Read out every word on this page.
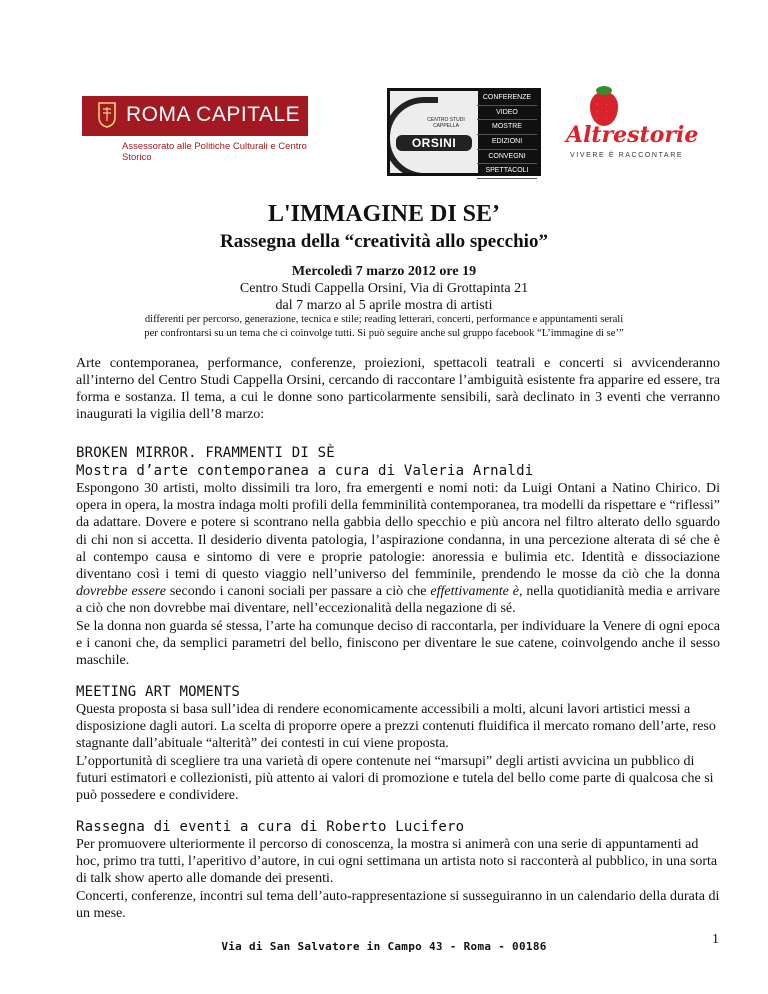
ROMA CAPITALE
Assessorato alle Politiche Culturali e Centro Storico
CENTRO STUDI CAPPELLA
ORSINI
CONFERENZE
VIDEO
MOSTRE
EDIZIONI
CONVEGNI
SPETTACOLI
· · · · · ·
Altrestorie
VIVERE È RACCONTARE
L'IMMAGINE DI SE’
Rassegna della “creatività allo specchio”
Mercoledì 7 marzo 2012 ore 19
Centro Studi Cappella Orsini, Via di Grottapinta 21
dal 7 marzo al 5 aprile mostra di artisti
differenti per percorso, generazione, tecnica e stile; reading letterari, concerti, performance e appuntamenti serali
per confrontarsi su un tema che ci coinvolge tutti. Si può seguire anche sul gruppo facebook “L’immagine di se’”
Arte contemporanea, performance, conferenze, proiezioni, spettacoli teatrali e concerti si avvicenderanno all’interno del Centro Studi Cappella Orsini, cercando di raccontare l’ambiguità esistente fra apparire ed essere, tra forma e sostanza. Il tema, a cui le donne sono particolarmente sensibili, sarà declinato in 3 eventi che verranno inaugurati la vigilia dell’8 marzo:
BROKEN MIRROR. FRAMMENTI DI SÈ
Mostra d’arte contemporanea a cura di Valeria Arnaldi
Espongono 30 artisti, molto dissimili tra loro, fra emergenti e nomi noti: da Luigi Ontani a Natino Chirico. Di opera in opera, la mostra indaga molti profili della femminilità contemporanea, tra modelli da rispettare e “riflessi” da adattare. Dovere e potere si scontrano nella gabbia dello specchio e più ancora nel filtro alterato dello sguardo di chi non si accetta. Il desiderio diventa patologia, l’aspirazione condanna, in una percezione alterata di sé che è al contempo causa e sintomo di vere e proprie patologie: anoressia e bulimia etc. Identità e dissociazione diventano così i temi di questo viaggio nell’universo del femminile, prendendo le mosse da ciò che la donna dovrebbe essere secondo i canoni sociali per passare a ciò che effettivamente è, nella quotidianità media e arrivare a ciò che non dovrebbe mai diventare, nell’eccezionalità della negazione di sé.
Se la donna non guarda sé stessa, l’arte ha comunque deciso di raccontarla, per individuare la Venere di ogni epoca e i canoni che, da semplici parametri del bello, finiscono per diventare le sue catene, coinvolgendo anche il sesso maschile.
MEETING ART MOMENTS
Questa proposta si basa sull’idea di rendere economicamente accessibili a molti, alcuni lavori artistici messi a disposizione dagli autori. La scelta di proporre opere a prezzi contenuti fluidifica il mercato romano dell’arte, reso stagnante dall’abituale “alterità” dei contesti in cui viene proposta.
L’opportunità di scegliere tra una varietà di opere contenute nei “marsupi” degli artisti avvicina un pubblico di futuri estimatori e collezionisti, più attento ai valori di promozione e tutela del bello come parte di qualcosa che si può possedere e condividere.
Rassegna di eventi a cura di Roberto Lucifero
Per promuovere ulteriormente il percorso di conoscenza, la mostra si animerà con una serie di appuntamenti ad hoc, primo tra tutti, l’aperitivo d’autore, in cui ogni settimana un artista noto si racconterà al pubblico, in una sorta di talk show aperto alle domande dei presenti.
Concerti, conferenze, incontri sul tema dell’auto-rappresentazione si susseguiranno in un calendario della durata di un mese.
Via di San Salvatore in Campo 43 - Roma - 00186	1
